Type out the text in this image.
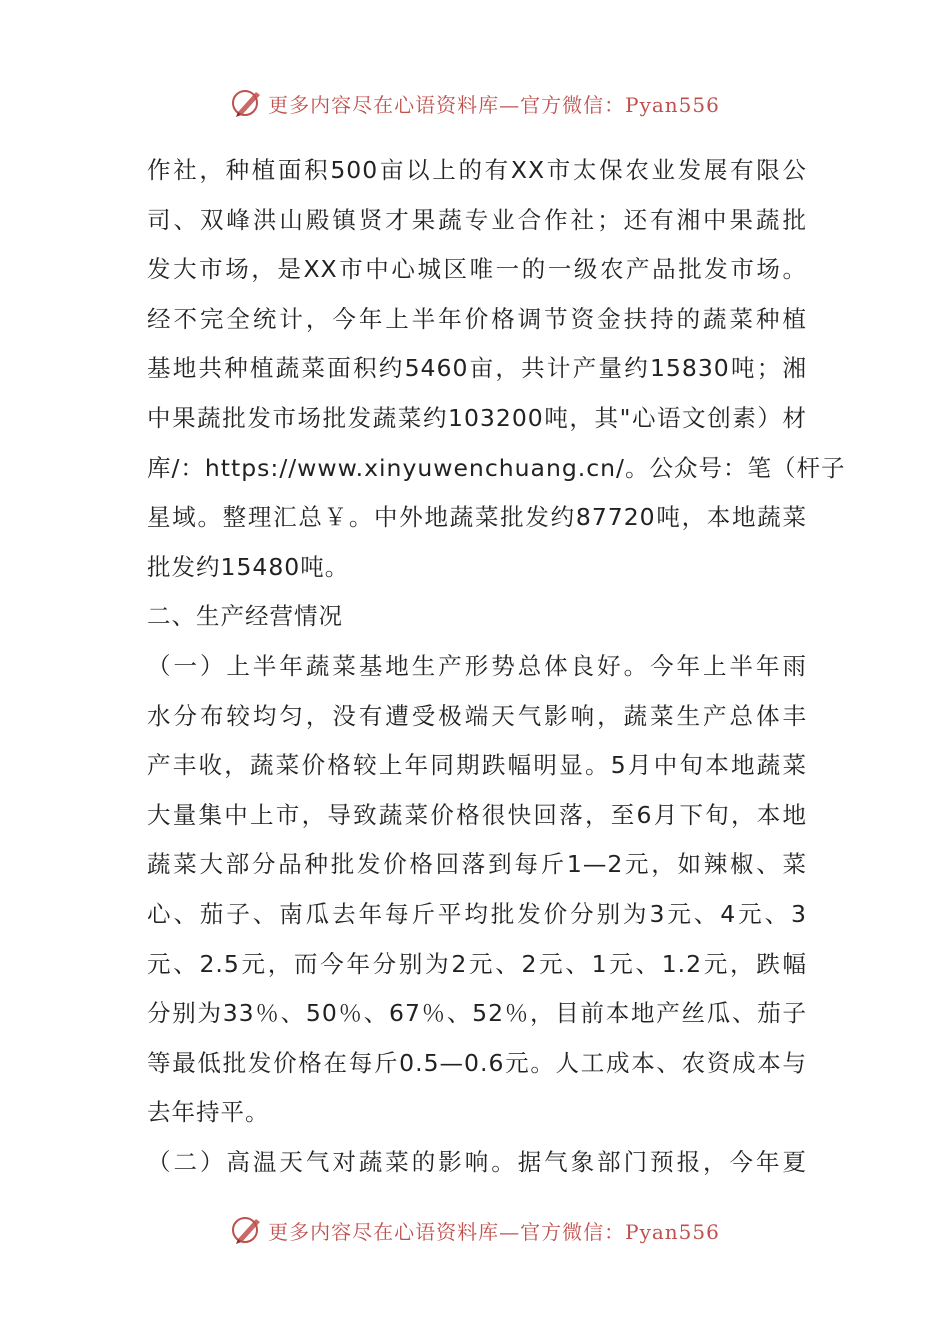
更多内容尽在心语资料库—官方微信：Pyan556
作社，种植面积500亩以上的有XX市太保农业发展有限公
司、双峰洪山殿镇贤才果蔬专业合作社；还有湘中果蔬批
发大市场，是XX市中心城区唯一的一级农产品批发市场。
经不完全统计，今年上半年价格调节资金扶持的蔬菜种植
基地共种植蔬菜面积约5460亩，共计产量约15830吨；湘
中果蔬批发市场批发蔬菜约103200吨，其"心语文创素）材
库/：https://www.xinyuwenchuang.cn/。公众号：笔（杆子
星域。整理汇总￥。中外地蔬菜批发约87720吨，本地蔬菜
批发约15480吨。
二、生产经营情况
（一）上半年蔬菜基地生产形势总体良好。今年上半年雨
水分布较均匀，没有遭受极端天气影响，蔬菜生产总体丰
产丰收，蔬菜价格较上年同期跌幅明显。5月中旬本地蔬菜
大量集中上市，导致蔬菜价格很快回落，至6月下旬，本地
蔬菜大部分品种批发价格回落到每斤1—2元，如辣椒、菜
心、茄子、南瓜去年每斤平均批发价分别为3元、4元、3
元、2.5元，而今年分别为2元、2元、1元、1.2元，跌幅
分别为33％、50％、67％、52％，目前本地产丝瓜、茄子
等最低批发价格在每斤0.5—0.6元。人工成本、农资成本与
去年持平。
（二）高温天气对蔬菜的影响。据气象部门预报，今年夏
更多内容尽在心语资料库—官方微信：Pyan556
